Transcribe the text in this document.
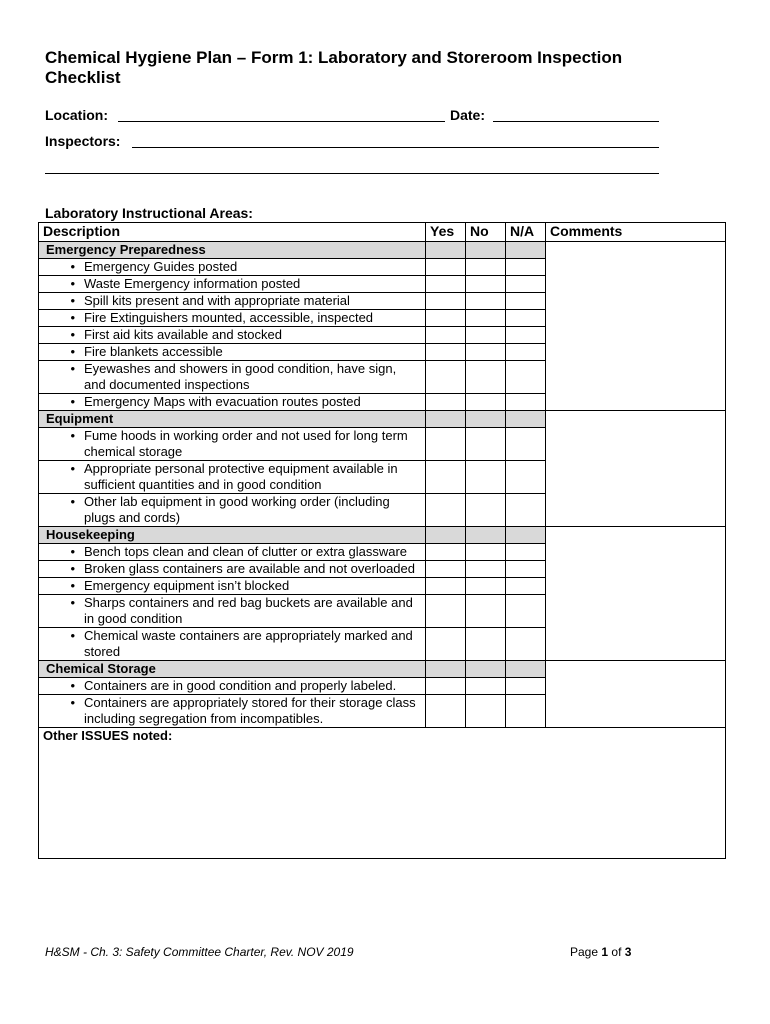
Chemical Hygiene Plan – Form 1: Laboratory and Storeroom Inspection Checklist
Location:	Date:
Inspectors:
Laboratory Instructional Areas:
Description	Yes	No	N/A	Comments
Emergency Preparedness				

• Emergency Guides posted				

• Waste Emergency information posted				

• Spill kits present and with appropriate material				

• Fire Extinguishers mounted, accessible, inspected				

• First aid kits available and stocked				

• Fire blankets accessible				

• Eyewashes and showers in good condition, have sign, and documented inspections				

• Emergency Maps with evacuation routes posted				

Equipment				

• Fume hoods in working order and not used for long term chemical storage				

• Appropriate personal protective equipment available in sufficient quantities and in good condition				

• Other lab equipment in good working order (including plugs and cords)				

Housekeeping				

• Bench tops clean and clean of clutter or extra glassware				

• Broken glass containers are available and not overloaded				

• Emergency equipment isn’t blocked				

• Sharps containers and red bag buckets are available and in good condition				

• Chemical waste containers are appropriately marked and stored				

Chemical Storage				

• Containers are in good condition and properly labeled.				

• Containers are appropriately stored for their storage class including segregation from incompatibles.				

Other ISSUES noted:				
H&SM - Ch. 3: Safety Committee Charter, Rev. NOV 2019	Page 1 of 3
